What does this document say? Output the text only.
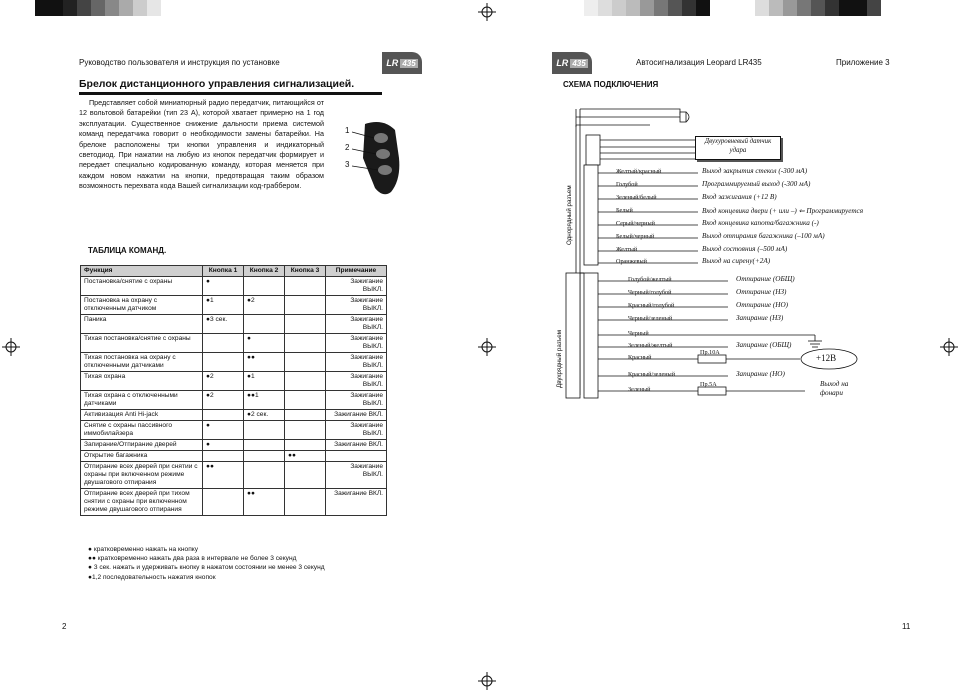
Руководство пользователя и инструкция по установке	LR 435
Брелок дистанционного управления сигнализацией.
Представляет собой миниатюрный радио передатчик, питающийся от 12 вольтовой батарейки (тип 23 А), которой хватает примерно на 1 год эксплуатации. Существенное снижение дальности приема системой команд передатчика говорит о необходимости замены батарейки. На брелоке расположены три кнопки управления и индикаторный светодиод. При нажатии на любую из кнопок передатчик формирует и передает специально кодированную команду, которая меняется при каждом новом нажатии на кнопки, предотвращая таким образом возможность перехвата кода Вашей сигнализации код-граббером.
1
2
3
ТАБЛИЦА КОМАНД.
Функция	Кнопка 1	Кнопка 2	Кнопка 3	Примечание
Постановка/снятие с охраны	●			Зажигание ВЫКЛ.
Постановка на охрану с отключенным датчиком	●1	●2		Зажигание ВЫКЛ.
Паника	●3 сек.			Зажигание ВЫКЛ.
Тихая постановка/снятие с охраны		●		Зажигание ВЫКЛ.
Тихая постановка на охрану с отключенными датчиками		●●		Зажигание ВЫКЛ.
Тихая охрана	●2	●1		Зажигание ВЫКЛ.
Тихая охрана с отключенными датчиками	●2	●●1		Зажигание ВЫКЛ.
Активизация Anti Hi-jack		●2 сек.		Зажигание ВКЛ.
Снятие с охраны пассивного иммобилайзера	●			Зажигание ВЫКЛ.
Запирание/Отпирание дверей	●			Зажигание ВКЛ.
Открытие багажника			●●	
Отпирание всех дверей при снятии с охраны при включенном режиме двушагового отпирания	●●			Зажигание ВЫКЛ.
Отпирание всех дверей при тихом снятии с охраны при включенном режиме двушагового отпирания		●●		Зажигание ВКЛ.
● кратковременно нажать на кнопку
●● кратковременно нажать два раза в интервале не более 3 секунд
● 3 сек. нажать и удерживать кнопку в нажатом состоянии не менее 3 секунд
●1,2 последовательность нажатия кнопок
2
LR 435	Автосигнализация Leopard LR435	Приложение 3
СХЕМА ПОДКЛЮЧЕНИЯ
Двухуровневый датчик удара
Однорядный разъем
Двухрядный разъем
Желтый/красный	Выход закрытия стекол (-300 мА)
Голубой	Программируемый выход (-300 мА)
Зеленый/белый	Вход зажигания (+12 В)
Белый	Вход концевика двери (+ или –) ⇐ Программируется
Серый/черный	Вход концевика капота/багажника (-)
Белый/черный	Выход отпирания багажника (–100 мА)
Желтый	Выход состояния (–500 мА)
Оранжевый	Выход на сирену(+2А)
Голубой/желтый	Отпирание (ОБЩ)
Черный/голубой	Отпирание (НЗ)
Красный/голубой	Отпирание (НО)
Черный/зеленый	Запирание (НЗ)
Черный
Зеленый/желтый	Запирание (ОБЩ)
Красный
Красный/зеленый	Запирание (НО)
Зеленый
Пр.10А
Пр.5А
+12В
Выход на фонари
11
